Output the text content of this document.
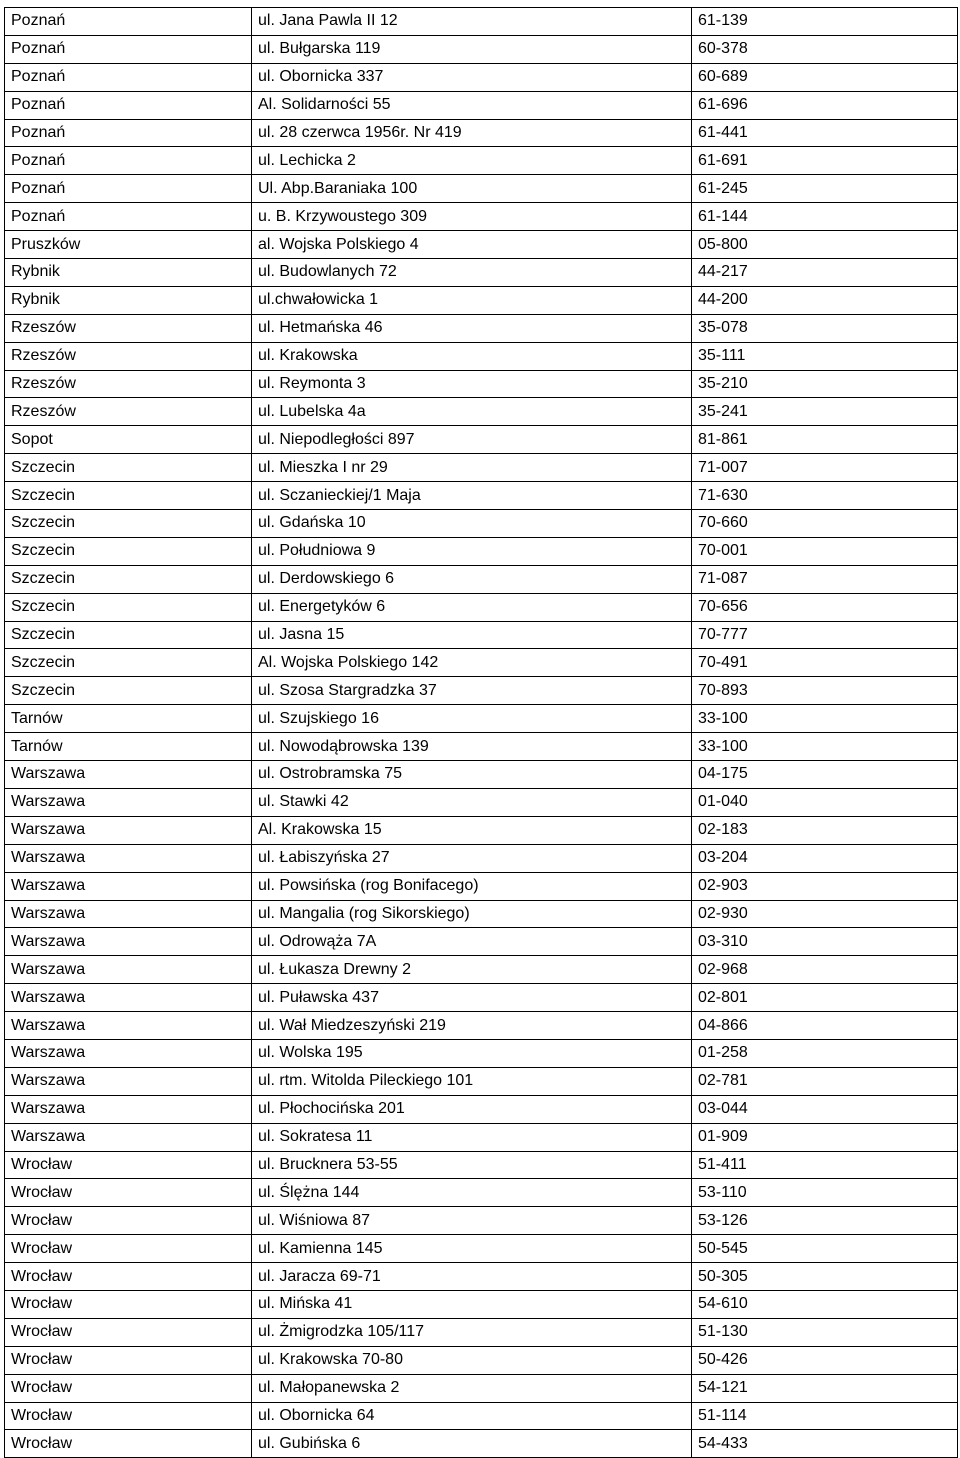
Poznań	ul. Jana Pawla II 12	61-139
Poznań	ul. Bułgarska 119	60-378
Poznań	ul. Obornicka 337	60-689
Poznań	Al. Solidarności 55	61-696
Poznań	ul. 28 czerwca 1956r. Nr 419	61-441
Poznań	ul. Lechicka 2	61-691
Poznań	Ul. Abp.Baraniaka 100	61-245
Poznań	u. B. Krzywoustego 309	61-144
Pruszków	al. Wojska Polskiego 4	05-800
Rybnik	ul. Budowlanych 72	44-217
Rybnik	ul.chwałowicka 1	44-200
Rzeszów	ul. Hetmańska 46	35-078
Rzeszów	ul. Krakowska	35-111
Rzeszów	ul. Reymonta 3	35-210
Rzeszów	ul. Lubelska 4a	35-241
Sopot	ul. Niepodległości 897	81-861
Szczecin	ul. Mieszka I nr 29	71-007
Szczecin	ul. Sczanieckiej/1 Maja	71-630
Szczecin	ul. Gdańska 10	70-660
Szczecin	ul. Południowa 9	70-001
Szczecin	ul. Derdowskiego 6	71-087
Szczecin	ul. Energetyków 6	70-656
Szczecin	ul. Jasna 15	70-777
Szczecin	Al. Wojska Polskiego 142	70-491
Szczecin	ul. Szosa Stargradzka 37	70-893
Tarnów	ul. Szujskiego 16	33-100
Tarnów	ul. Nowodąbrowska 139	33-100
Warszawa	ul. Ostrobramska 75	04-175
Warszawa	ul. Stawki 42	01-040
Warszawa	Al. Krakowska 15	02-183
Warszawa	ul. Łabiszyńska 27	03-204
Warszawa	ul. Powsińska (rog Bonifacego)	02-903
Warszawa	ul. Mangalia (rog Sikorskiego)	02-930
Warszawa	ul. Odrowąża 7A	03-310
Warszawa	ul. Łukasza Drewny 2	02-968
Warszawa	ul. Puławska 437	02-801
Warszawa	ul. Wał Miedzeszyński 219	04-866
Warszawa	ul. Wolska 195	01-258
Warszawa	ul. rtm. Witolda Pileckiego 101	02-781
Warszawa	ul. Płochocińska 201	03-044
Warszawa	ul. Sokratesa 11	01-909
Wrocław	ul. Brucknera 53-55	51-411
Wrocław	ul. Ślężna 144	53-110
Wrocław	ul. Wiśniowa 87	53-126
Wrocław	ul. Kamienna 145	50-545
Wrocław	ul. Jaracza 69-71	50-305
Wrocław	ul. Mińska 41	54-610
Wrocław	ul. Żmigrodzka 105/117	51-130
Wrocław	ul. Krakowska 70-80	50-426
Wrocław	ul. Małopanewska 2	54-121
Wrocław	ul. Obornicka 64	51-114
Wrocław	ul. Gubińska 6	54-433
